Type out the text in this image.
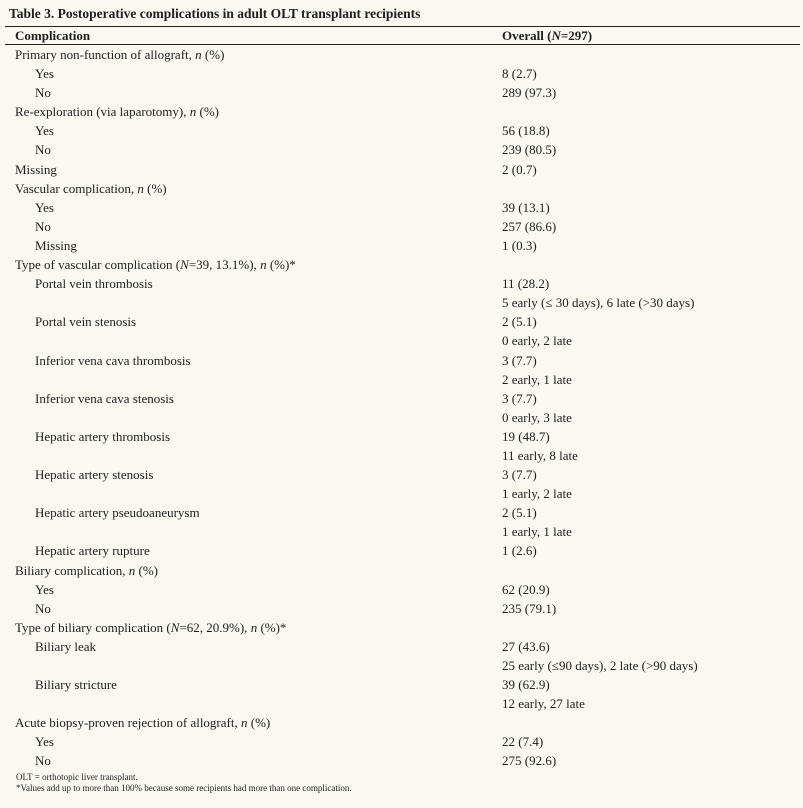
Table 3. Postoperative complications in adult OLT transplant recipients
Complication	Overall (N=297)
Primary non-function of allograft, n (%)
Yes	8 (2.7)
No	289 (97.3)
Re-exploration (via laparotomy), n (%)
Yes	56 (18.8)
No	239 (80.5)
Missing	2 (0.7)
Vascular complication, n (%)
Yes	39 (13.1)
No	257 (86.6)
Missing	1 (0.3)
Type of vascular complication (N=39, 13.1%), n (%)*
Portal vein thrombosis	11 (28.2)
5 early (≤ 30 days), 6 late (>30 days)
Portal vein stenosis	2 (5.1)
0 early, 2 late
Inferior vena cava thrombosis	3 (7.7)
2 early, 1 late
Inferior vena cava stenosis	3 (7.7)
0 early, 3 late
Hepatic artery thrombosis	19 (48.7)
11 early, 8 late
Hepatic artery stenosis	3 (7.7)
1 early, 2 late
Hepatic artery pseudoaneurysm	2 (5.1)
1 early, 1 late
Hepatic artery rupture	1 (2.6)
Biliary complication, n (%)
Yes	62 (20.9)
No	235 (79.1)
Type of biliary complication (N=62, 20.9%), n (%)*
Biliary leak	27 (43.6)
25 early (≤90 days), 2 late (>90 days)
Biliary stricture	39 (62.9)
12 early, 27 late
Acute biopsy-proven rejection of allograft, n (%)
Yes	22 (7.4)
No	275 (92.6)
OLT = orthotopic liver transplant.
*Values add up to more than 100% because some recipients had more than one complication.
